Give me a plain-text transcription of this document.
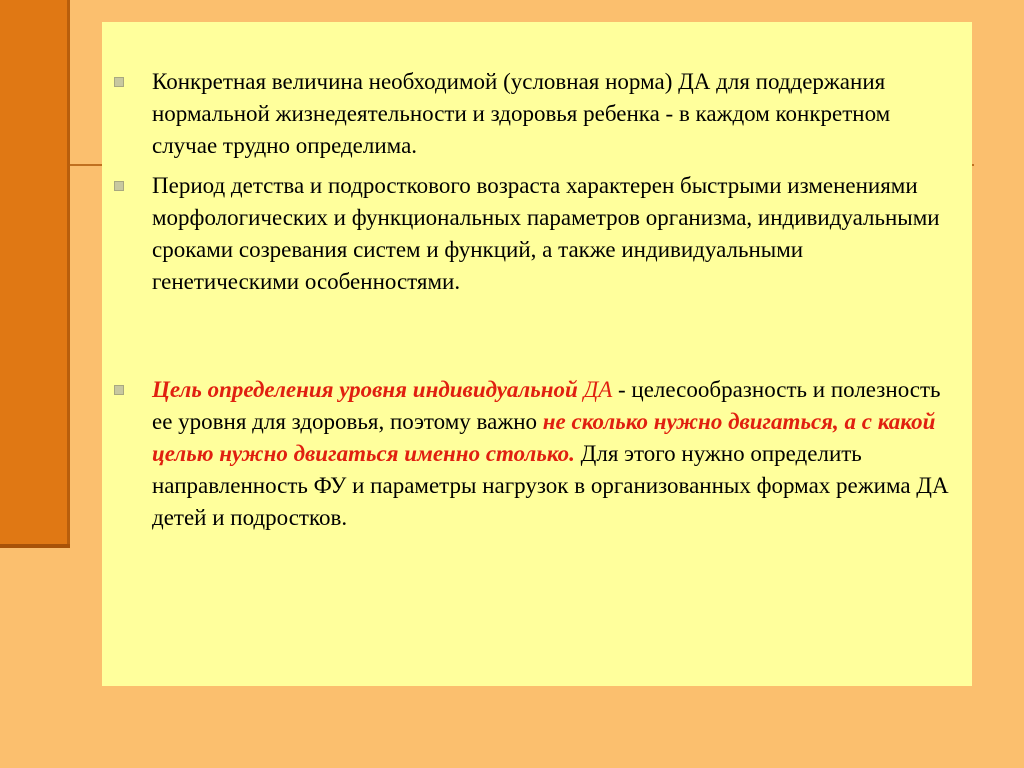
Конкретная величина необходимой (условная норма) ДА для поддержания нормальной жизнедеятельности и здоровья ребенка - в каждом конкретном случае трудно определима.
Период детства и подросткового возраста характерен быстрыми изменениями морфологических и функциональных параметров организма, индивидуальными сроками созревания систем и функций, а также индивидуальными генетическими особенностями.
Цель определения уровня индивидуальной ДА - целесообразность и полезность ее уровня для здоровья, поэтому важно не сколько нужно двигаться, а с какой целью нужно двигаться именно столько. Для этого нужно определить направленность ФУ и параметры нагрузок в организованных формах режима ДА детей и подростков.
